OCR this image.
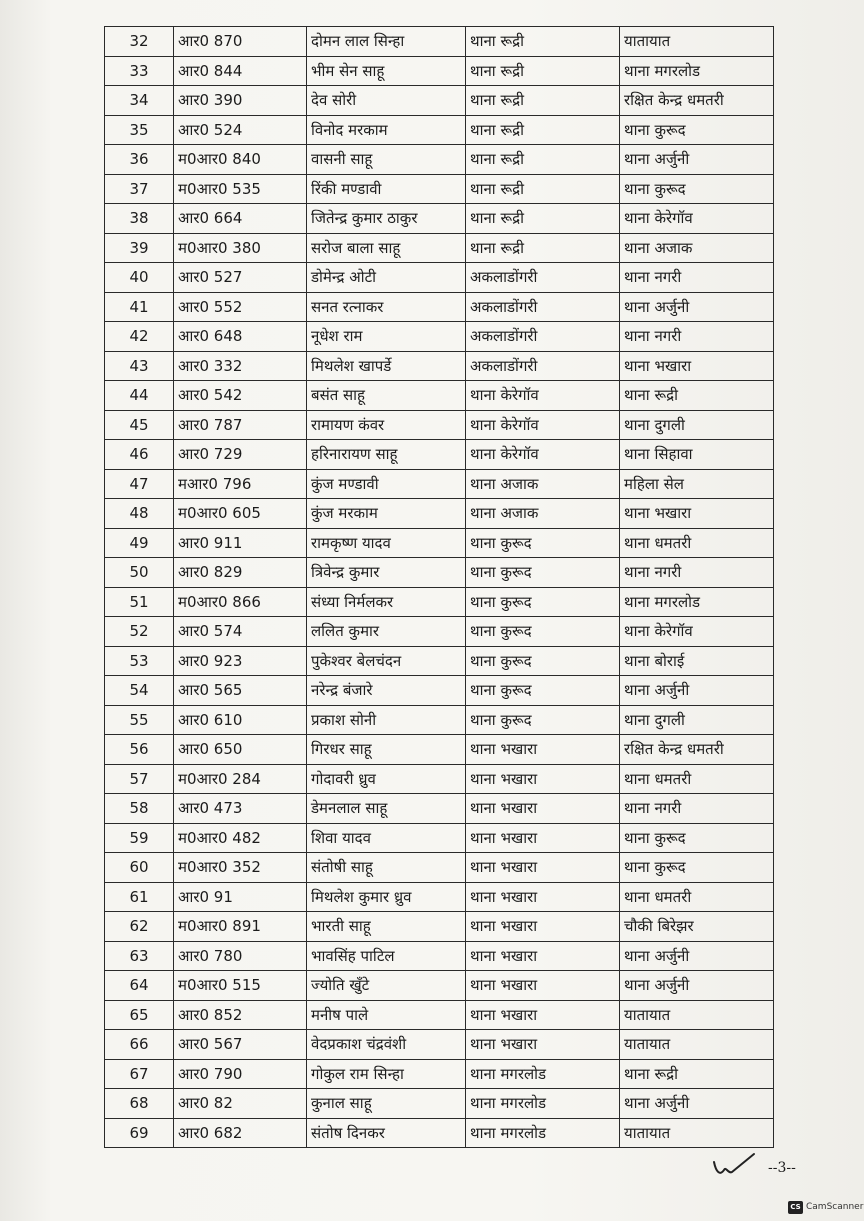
32	आर0 870	दोमन लाल सिन्हा	थाना रूद्री	यातायात
33	आर0 844	भीम सेन साहू	थाना रूद्री	थाना मगरलोड
34	आर0 390	देव सोरी	थाना रूद्री	रक्षित केन्द्र धमतरी
35	आर0 524	विनोद मरकाम	थाना रूद्री	थाना कुरूद
36	म0आर0 840	वासनी साहू	थाना रूद्री	थाना अर्जुनी
37	म0आर0 535	रिंकी मण्डावी	थाना रूद्री	थाना कुरूद
38	आर0 664	जितेन्द्र कुमार ठाकुर	थाना रूद्री	थाना केरेगॉव
39	म0आर0 380	सरोज बाला साहू	थाना रूद्री	थाना अजाक
40	आर0 527	डोमेन्द्र ओटी	अकलाडोंगरी	थाना नगरी
41	आर0 552	सनत रत्नाकर	अकलाडोंगरी	थाना अर्जुनी
42	आर0 648	नूधेश राम	अकलाडोंगरी	थाना नगरी
43	आर0 332	मिथलेश खापर्डे	अकलाडोंगरी	थाना भखारा
44	आर0 542	बसंत साहू	थाना केरेगॉव	थाना रूद्री
45	आर0 787	रामायण कंवर	थाना केरेगॉव	थाना दुगली
46	आर0 729	हरिनारायण साहू	थाना केरेगॉव	थाना सिहावा
47	मआर0 796	कुंज मण्डावी	थाना अजाक	महिला सेल
48	म0आर0 605	कुंज मरकाम	थाना अजाक	थाना भखारा
49	आर0 911	रामकृष्ण यादव	थाना कुरूद	थाना धमतरी
50	आर0 829	त्रिवेन्द्र कुमार	थाना कुरूद	थाना नगरी
51	म0आर0 866	संध्या निर्मलकर	थाना कुरूद	थाना मगरलोड
52	आर0 574	ललित कुमार	थाना कुरूद	थाना केरेगॉव
53	आर0 923	पुकेश्वर बेलचंदन	थाना कुरूद	थाना बोराई
54	आर0 565	नरेन्द्र बंजारे	थाना कुरूद	थाना अर्जुनी
55	आर0 610	प्रकाश सोनी	थाना कुरूद	थाना दुगली
56	आर0 650	गिरधर साहू	थाना भखारा	रक्षित केन्द्र धमतरी
57	म0आर0 284	गोदावरी ध्रुव	थाना भखारा	थाना धमतरी
58	आर0 473	डेमनलाल साहू	थाना भखारा	थाना नगरी
59	म0आर0 482	शिवा यादव	थाना भखारा	थाना कुरूद
60	म0आर0 352	संतोषी साहू	थाना भखारा	थाना कुरूद
61	आर0 91	मिथलेश कुमार ध्रुव	थाना भखारा	थाना धमतरी
62	म0आर0 891	भारती साहू	थाना भखारा	चौकी बिरेझर
63	आर0 780	भावसिंह पाटिल	थाना भखारा	थाना अर्जुनी
64	म0आर0 515	ज्योति खुँटे	थाना भखारा	थाना अर्जुनी
65	आर0 852	मनीष पाले	थाना भखारा	यातायात
66	आर0 567	वेदप्रकाश चंद्रवंशी	थाना भखारा	यातायात
67	आर0 790	गोकुल राम सिन्हा	थाना मगरलोड	थाना रूद्री
68	आर0 82	कुनाल साहू	थाना मगरलोड	थाना अर्जुनी
69	आर0 682	संतोष दिनकर	थाना मगरलोड	यातायात
--3--
CS CamScanner
